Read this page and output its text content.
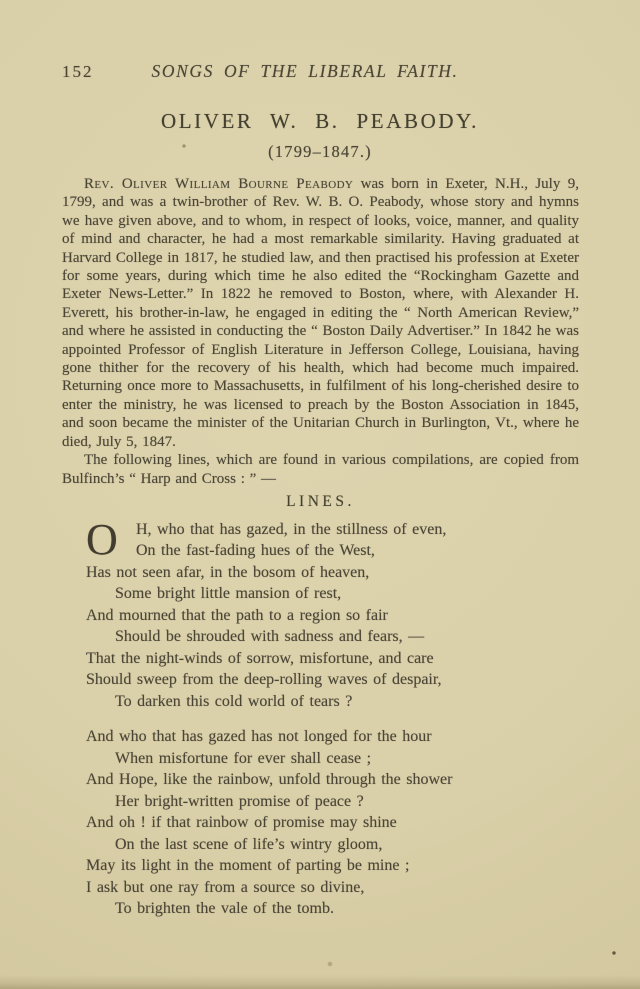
152	SONGS OF THE LIBERAL FAITH.
OLIVER W. B. PEABODY.
(1799–1847.)

Rev. Oliver William Bourne Peabody was born in Exeter, N.H., July 9, 1799, and was a twin-brother of Rev. W. B. O. Peabody, whose story and hymns we have given above, and to whom, in respect of looks, voice, manner, and quality of mind and character, he had a most remarkable similarity. Having graduated at Harvard College in 1817, he studied law, and then practised his profession at Exeter for some years, during which time he also edited the “Rockingham Gazette and Exeter News-Letter.” In 1822 he removed to Boston, where, with Alexander H. Everett, his brother-in-law, he engaged in editing the “ North American Review,” and where he assisted in conducting the “ Boston Daily Advertiser.” In 1842 he was appointed Professor of English Literature in Jefferson College, Louisiana, having gone thither for the recovery of his health, which had become much impaired. Returning once more to Massachusetts, in fulfilment of his long-cherished desire to enter the ministry, he was licensed to preach by the Boston Association in 1845, and soon became the minister of the Unitarian Church in Burlington, Vt., where he died, July 5, 1847.

The following lines, which are found in various compilations, are copied from Bulfinch’s “ Harp and Cross : ” —

LINES.
O	H, who that has gazed, in the stillness of even,
On the fast-fading hues of the West,
Has not seen afar, in the bosom of heaven,
Some bright little mansion of rest,
And mourned that the path to a region so fair
Should be shrouded with sadness and fears, —
That the night-winds of sorrow, misfortune, and care
Should sweep from the deep-rolling waves of despair,
To darken this cold world of tears ?
And who that has gazed has not longed for the hour
When misfortune for ever shall cease ;
And Hope, like the rainbow, unfold through the shower
Her bright-written promise of peace ?
And oh ! if that rainbow of promise may shine
On the last scene of life’s wintry gloom,
May its light in the moment of parting be mine ;
I ask but one ray from a source so divine,
To brighten the vale of the tomb.
